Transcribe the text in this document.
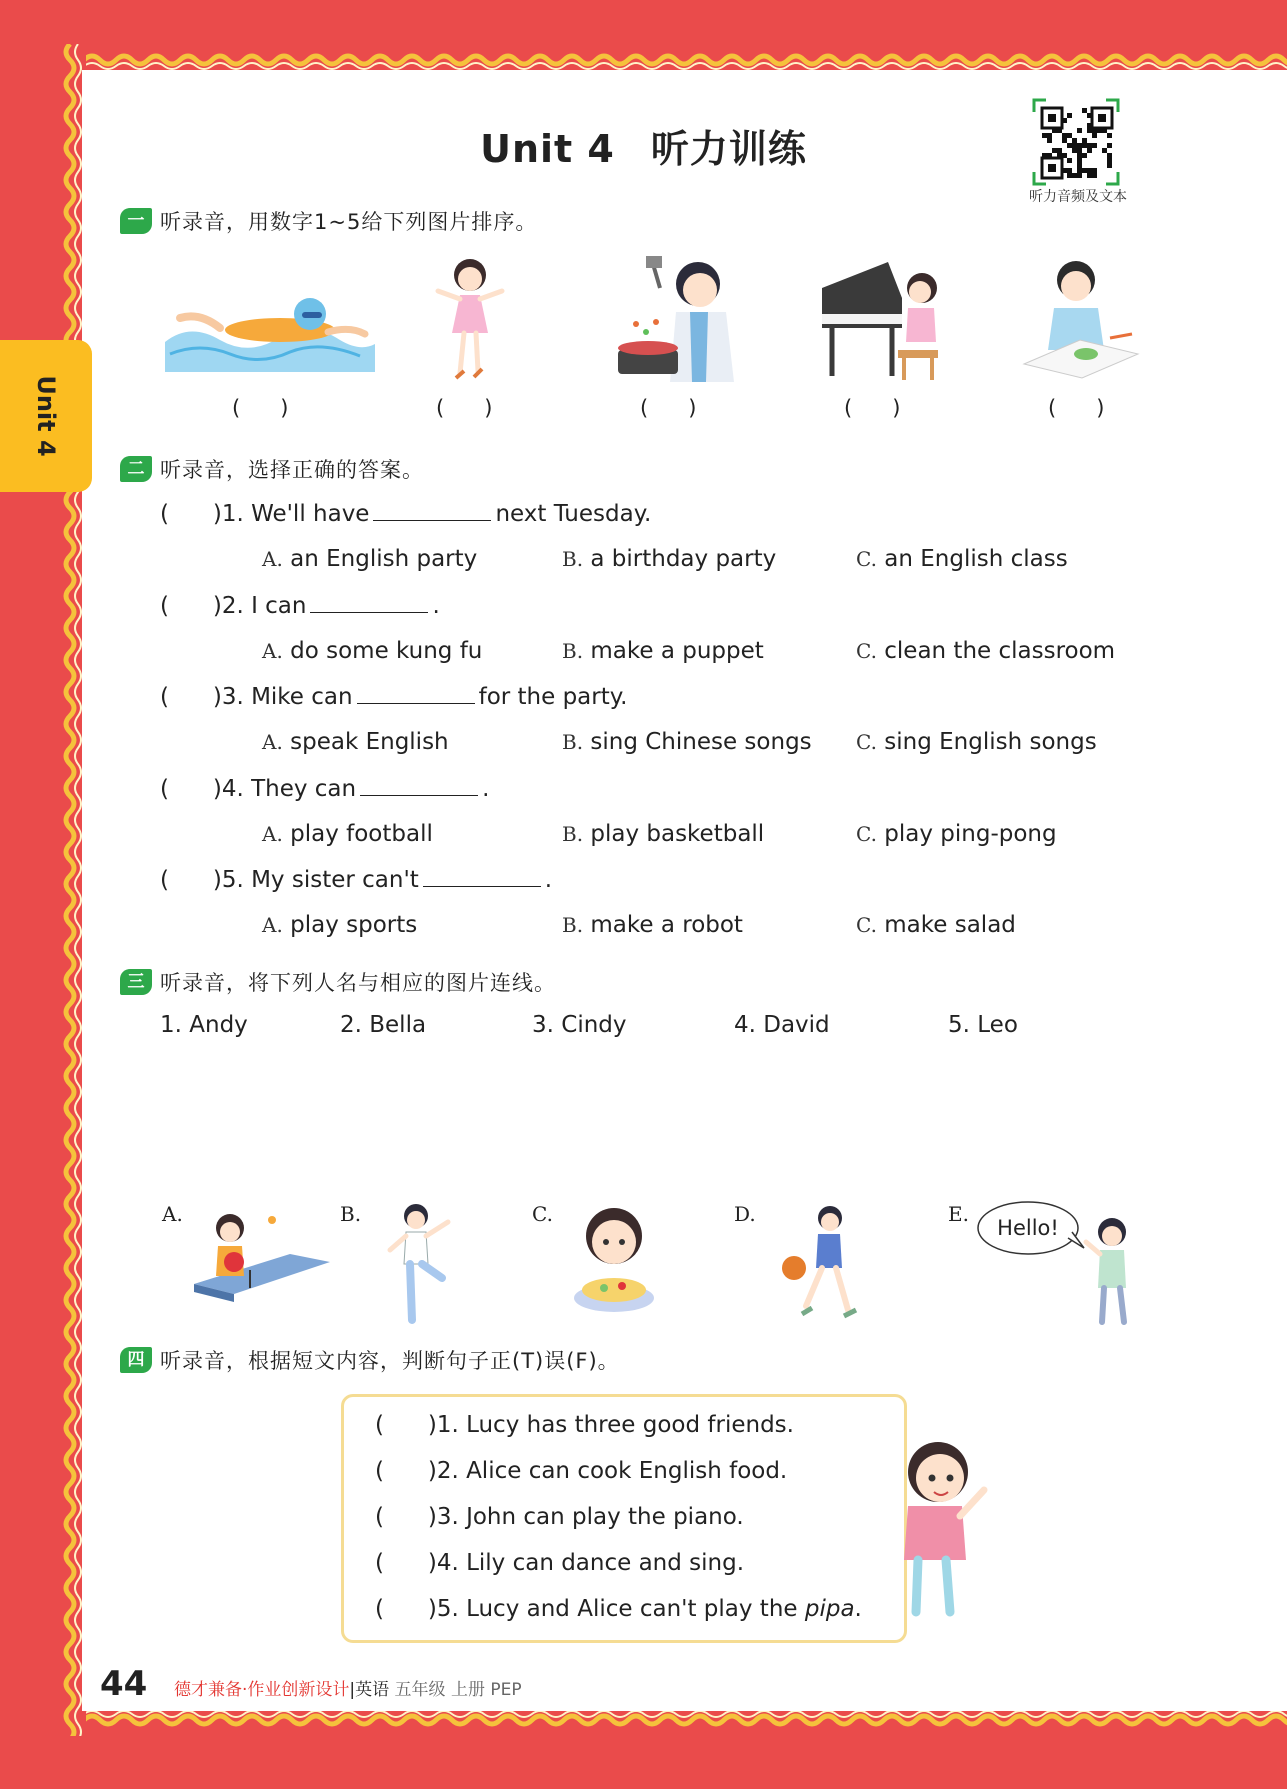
Unit 4
Unit 4 听力训练
听力音频及文本
一 听录音，用数字1~5给下列图片排序。
(      )	(      )	(      )	(      )	(      )
二 听录音，选择正确的答案。
(      )1. We'll have	next Tuesday.
A. an English party	B. a birthday party	C. an English class
(      )2. I can	.
A. do some kung fu	B. make a puppet	C. clean the classroom
(      )3. Mike can	for the party.
A. speak English	B. sing Chinese songs C. sing English songs
(      )4. They can	.
A. play football	B. play basketball	C. play ping-pong
(      )5. My sister can't	.
A. play sports	B. make a robot	C. make salad
三 听录音，将下列人名与相应的图片连线。
1. Andy	2. Bella	3. Cindy	4. David	5. Leo
A.	B.	C.	D.	E.
Hello!
四 听录音，根据短文内容，判断句子正(T)误(F)。
(      )1. Lucy has three good friends.
(      )2. Alice can cook English food.
(      )3. John can play the piano.
(      )4. Lily can dance and sing.
(      )5. Lucy and Alice can't play the pipa.
44 德才兼备·作业创新设计|英语 五年级 上册 PEP
